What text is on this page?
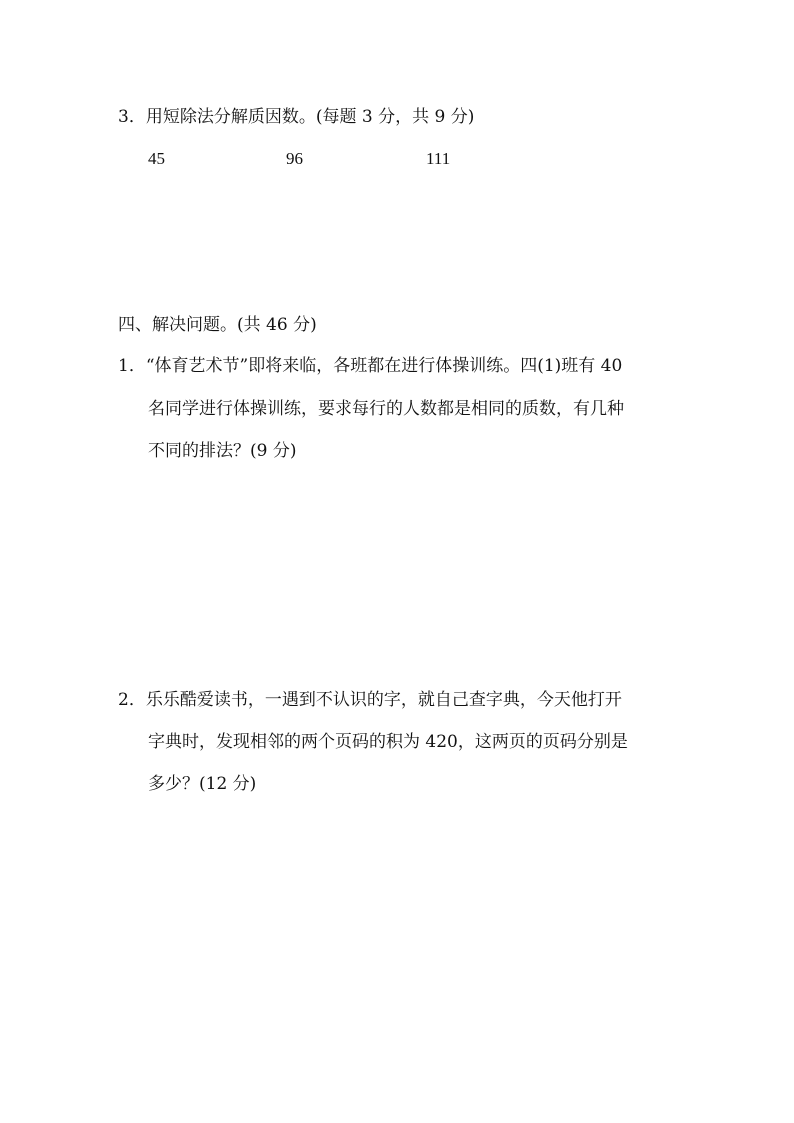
3．用短除法分解质因数。(每题 3 分，共 9 分)
45	96	111
四、解决问题。(共 46 分)
1．“体育艺术节”即将来临，各班都在进行体操训练。四(1)班有 40
名同学进行体操训练，要求每行的人数都是相同的质数，有几种
不同的排法？(9 分)
2．乐乐酷爱读书，一遇到不认识的字，就自己查字典，今天他打开
字典时，发现相邻的两个页码的积为 420，这两页的页码分别是
多少？(12 分)
